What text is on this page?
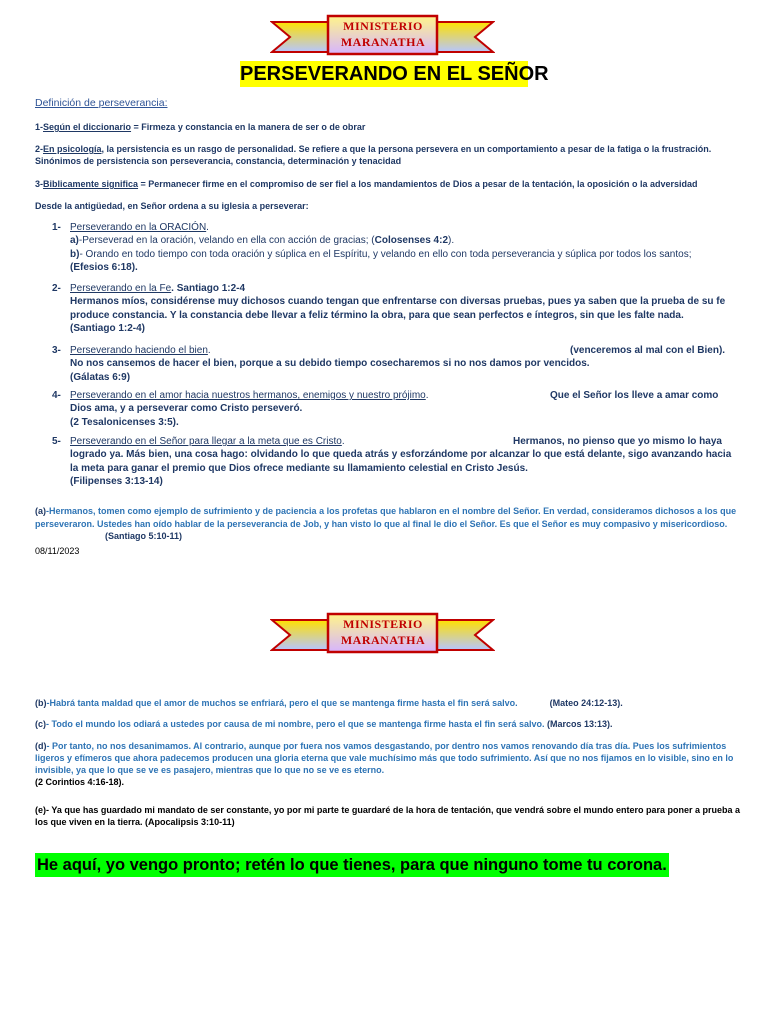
MINISTERIO
MARANATHA
PERSEVERANDO EN EL SEÑOR
Definición de perseverancia:
1-Según el diccionario = Firmeza y constancia en la manera de ser o de obrar
2-En psicología, la persistencia es un rasgo de personalidad. Se refiere a que la persona persevera en un comportamiento a pesar de la fatiga o la frustración. Sinónimos de persistencia son perseverancia, constancia, determinación y tenacidad
3-Biblicamente significa = Permanecer firme en el compromiso de ser fiel a los mandamientos de Dios a pesar de la tentación, la oposición o la adversidad
Desde la antigüedad, en Señor ordena a su iglesia a perseverar:
1- Perseverando en la ORACIÓN.
a)-Perseverad en la oración, velando en ella con acción de gracias; (Colosenses 4:2).
b)- Orando en todo tiempo con toda oración y súplica en el Espíritu, y velando en ello con toda perseverancia y súplica por todos los santos;
(Efesios 6:18).
2- Perseverando en la Fe. Santiago 1:2-4
Hermanos míos, considérense muy dichosos cuando tengan que enfrentarse con diversas pruebas, pues ya saben que la prueba de su fe produce constancia. Y la constancia debe llevar a feliz término la obra, para que sean perfectos e íntegros, sin que les falte nada.
(Santiago 1:2-4)
3- Perseverando haciendo el bien.	(venceremos al mal con el Bien).
No nos cansemos de hacer el bien, porque a su debido tiempo cosecharemos si no nos damos por vencidos.
(Gálatas 6:9)
4- Perseverando en el amor hacia nuestros hermanos, enemigos y nuestro prójimo.	Que el Señor los lleve a amar como
Dios ama, y a perseverar como Cristo perseveró.
(2 Tesalonicenses 3:5).
5- Perseverando en el Señor para llegar a la meta que es Cristo.	Hermanos, no pienso que yo mismo lo haya
logrado ya. Más bien, una cosa hago: olvidando lo que queda atrás y esforzándome por alcanzar lo que está delante, sigo avanzando hacia la meta para ganar el premio que Dios ofrece mediante su llamamiento celestial en Cristo Jesús.
(Filipenses 3:13-14)
(a)-Hermanos, tomen como ejemplo de sufrimiento y de paciencia a los profetas que hablaron en el nombre del Señor. En verdad, consideramos dichosos a los que perseveraron. Ustedes han oído hablar de la perseverancia de Job, y han visto lo que al final le dio el Señor. Es que el Señor es muy compasivo y misericordioso.(Santiago 5:10-11)
08/11/2023
MINISTERIO
MARANATHA
(b)-Habrá tanta maldad que el amor de muchos se enfriará, pero el que se mantenga firme hasta el fin será salvo.	(Mateo 24:12-13).
(c)- Todo el mundo los odiará a ustedes por causa de mi nombre, pero el que se mantenga firme hasta el fin será salvo. (Marcos 13:13).
(d)- Por tanto, no nos desanimamos. Al contrario, aunque por fuera nos vamos desgastando, por dentro nos vamos renovando día tras día. Pues los sufrimientos ligeros y efímeros que ahora padecemos producen una gloria eterna que vale muchísimo más que todo sufrimiento. Así que no nos fijamos en lo visible, sino en lo invisible, ya que lo que se ve es pasajero, mientras que lo que no se ve es eterno.
(2 Corintios 4:16-18).
(e)- Ya que has guardado mi mandato de ser constante, yo por mi parte te guardaré de la hora de tentación, que vendrá sobre el mundo entero para poner a prueba a los que viven en la tierra. (Apocalipsis 3:10-11)
He aquí, yo vengo pronto; retén lo que tienes, para que ninguno tome tu corona.
